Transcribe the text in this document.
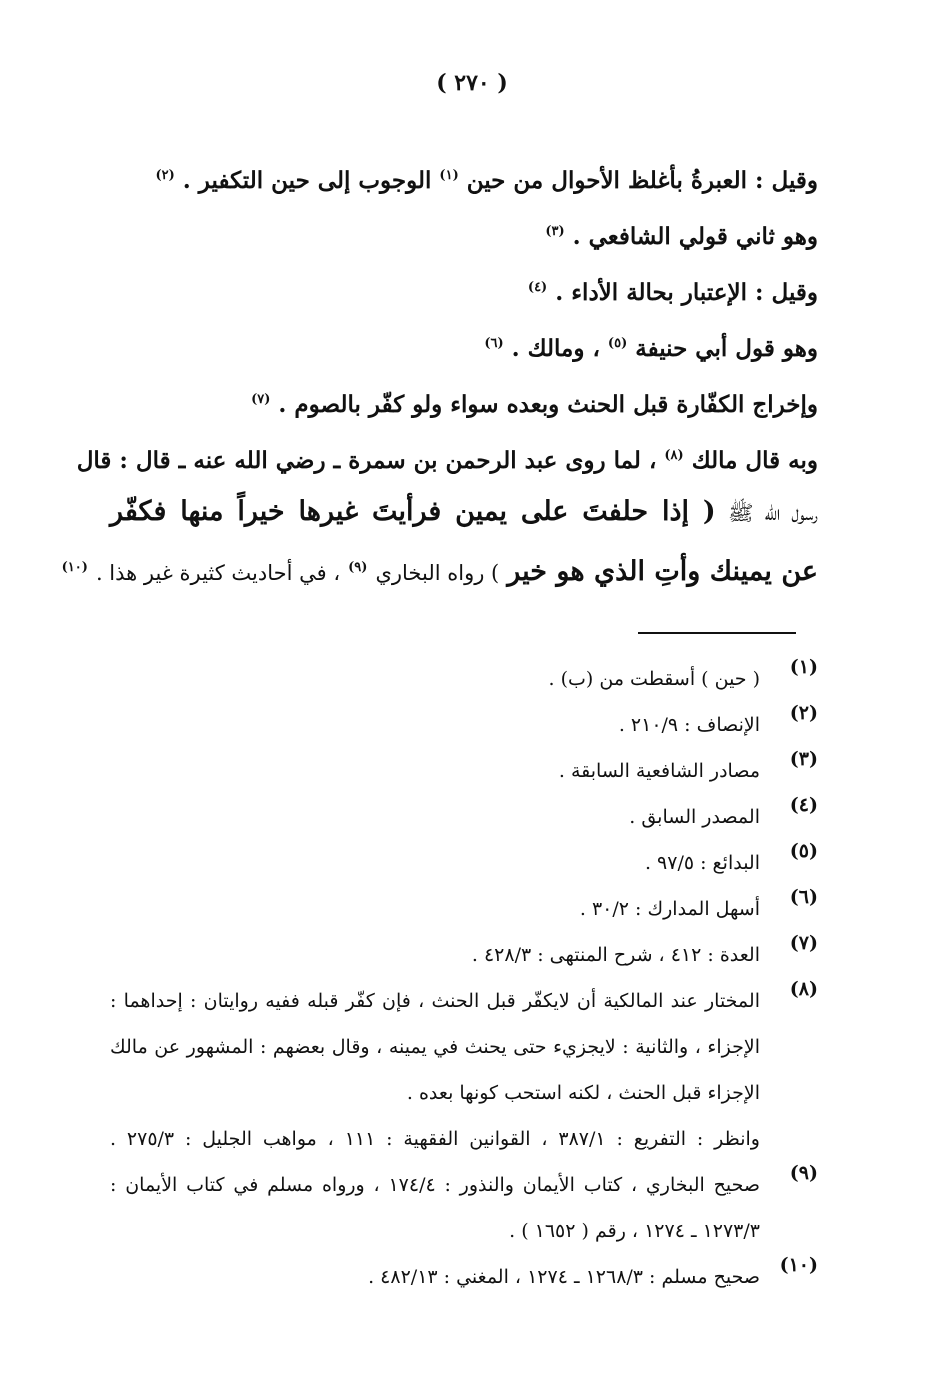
( ٢٧٠ )
وقيل : العبرةُ بأغلظ الأحوال من حين $^{(١)}$ الوجوب إلى حين التكفير . $^{(٢)}$
وهو ثاني قولي الشافعي . $^{(٣)}$
وقيل : الإعتبار بحالة الأداء . $^{(٤)}$
وهو قول أبي حنيفة $^{(٥)}$ ، ومالك . $^{(٦)}$
وإخراج الكفّارة قبل الحنث وبعده سواء ولو كفّر بالصوم . $^{(٧)}$
وبه قال مالك $^{(٨)}$ ، لما روى عبد الرحمن بن سمرة ـ رضي الله عنه ـ قال : قال
رسول الله ﷺ ( إذا حلفتَ على يمين فرأيتَ غيرها خيراً منها فكفّر
عن يمينك وأتِ الذي هو خير ) رواه البخاري $^{(٩)}$ ، في أحاديث كثيرة غير هذا . $^{(١٠)}$
(١)
( حين ) أسقطت من (ب) .
(٢)
الإنصاف : ٢١٠/٩ .
(٣)
مصادر الشافعية السابقة .
(٤)
المصدر السابق .
(٥)
البدائع : ٩٧/٥ .
(٦)
أسهل المدارك : ٣٠/٢ .
(٧)
العدة : ٤١٢ ، شرح المنتهى : ٤٢٨/٣ .
(٨)
المختار عند المالكية أن لايكفّر قبل الحنث ، فإن كفّر قبله ففيه روايتان : إحداهما :
الإجزاء ، والثانية : لايجزيء حتى يحنث في يمينه ، وقال بعضهم : المشهور عن مالك
الإجزاء قبل الحنث ، لكنه استحب كونها بعده .
وانظر : التفريع : ٣٨٧/١ ، القوانين الفقهية : ١١١ ، مواهب الجليل : ٢٧٥/٣ .
(٩)
صحيح البخاري ، كتاب الأيمان والنذور : ١٧٤/٤ ، ورواه مسلم في كتاب الأيمان :
١٢٧٣/٣ ـ ١٢٧٤ ، رقم ( ١٦٥٢ ) .
(١٠)
صحيح مسلم : ١٢٦٨/٣ ـ ١٢٧٤ ، المغني : ٤٨٢/١٣ .
